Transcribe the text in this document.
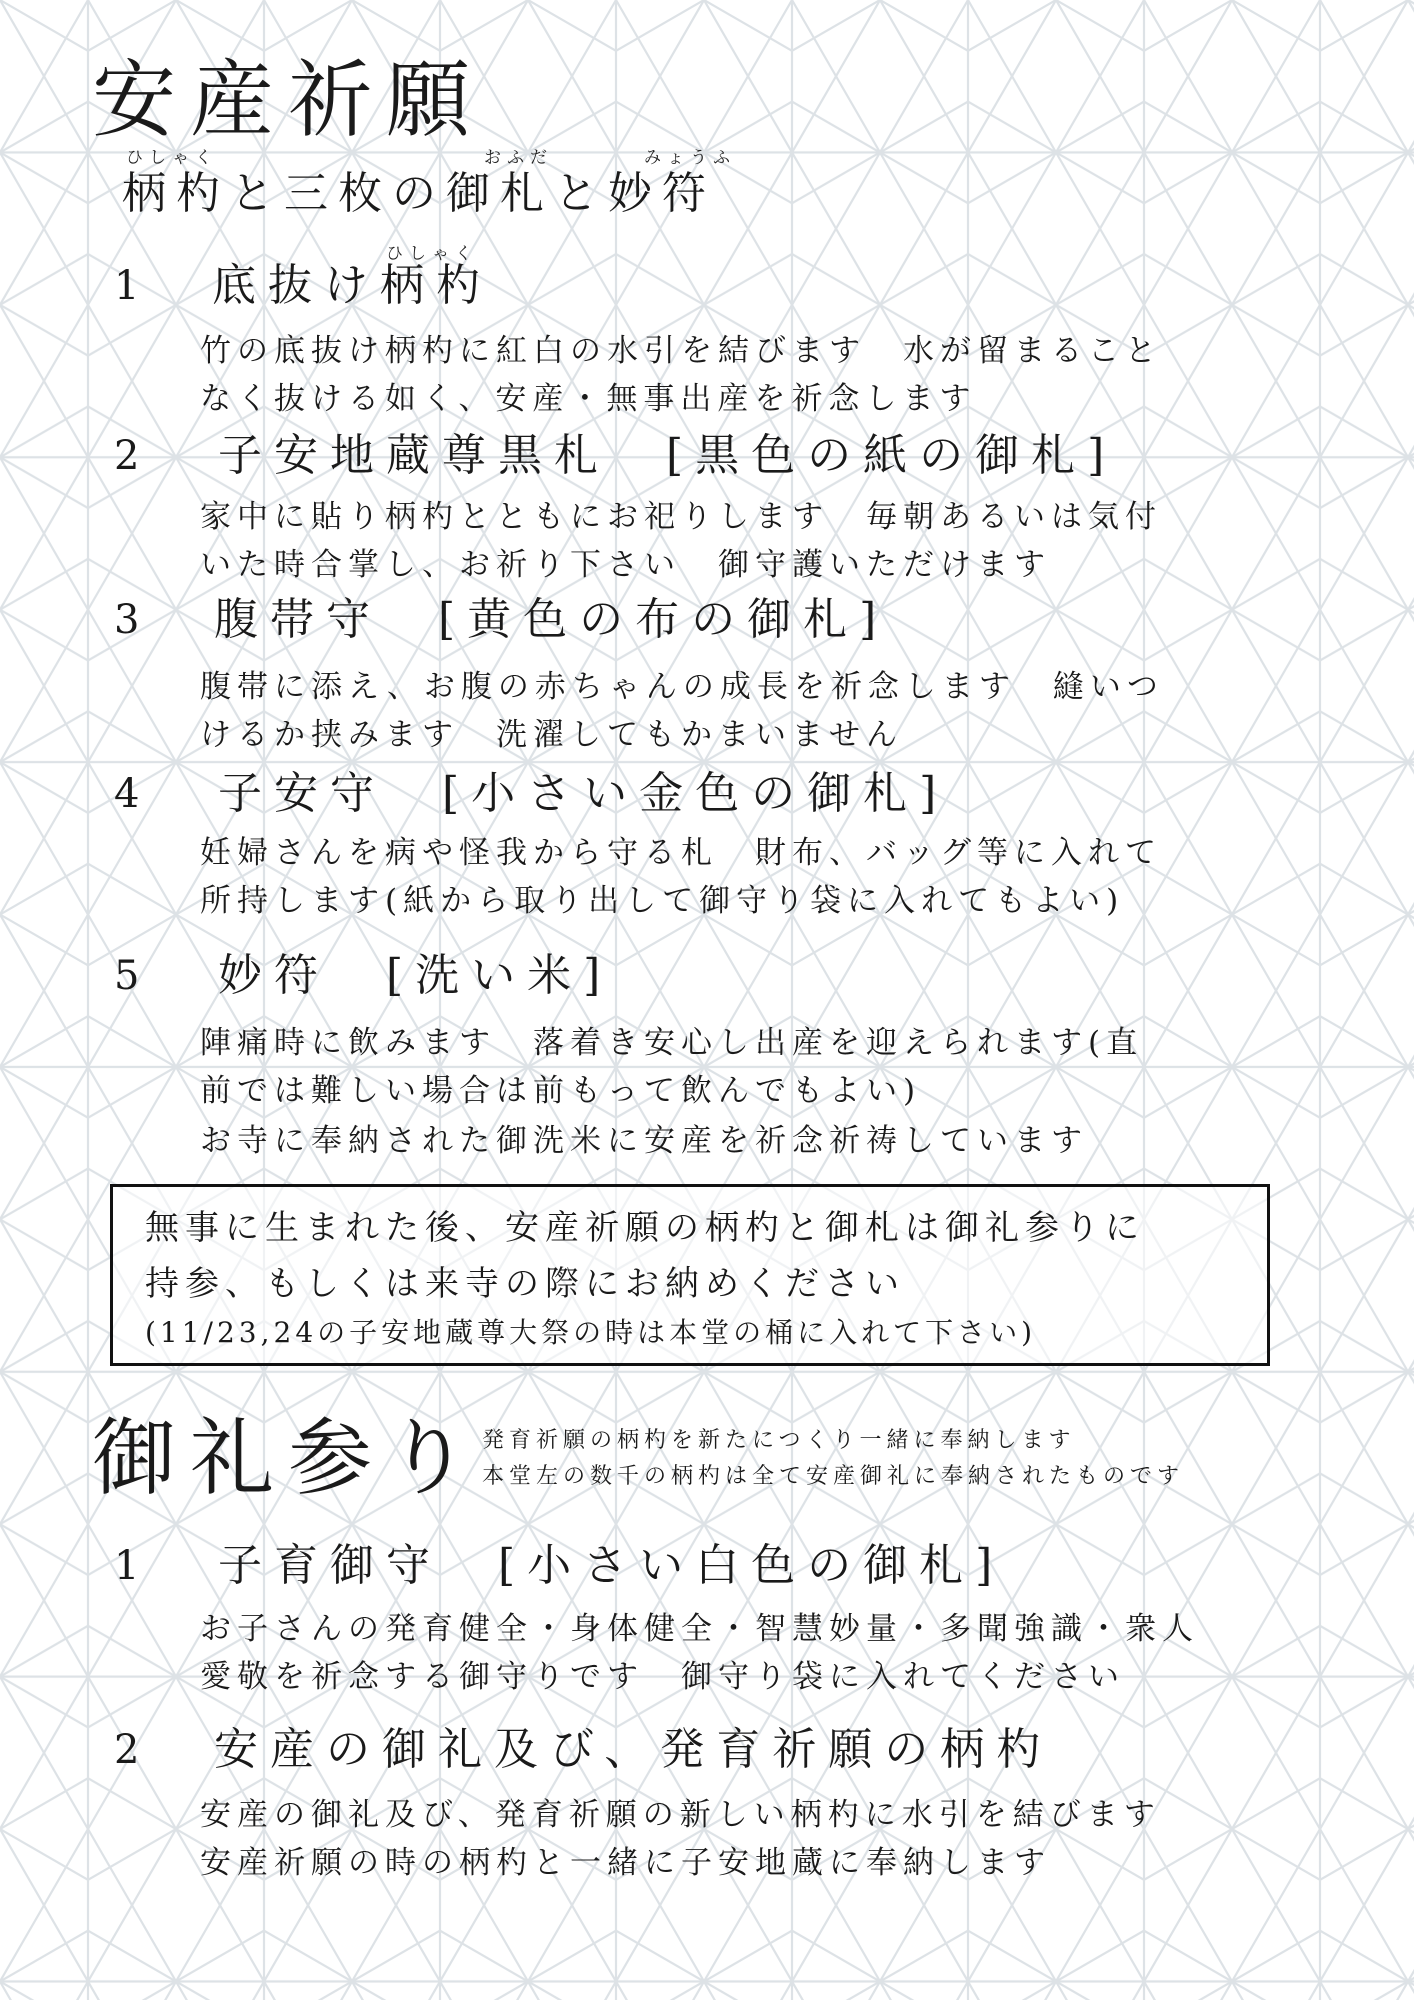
安産祈願
ひしゃく	おふだ	みょうふ
柄杓と三枚の御札と妙符
1
ひしゃく
底抜け柄杓
竹の底抜け柄杓に紅白の水引を結びます　水が留まること
なく抜ける如く、安産・無事出産を祈念します
2 子安地蔵尊黒札　[黒色の紙の御札]
家中に貼り柄杓とともにお祀りします　毎朝あるいは気付
いた時合掌し、お祈り下さい　御守護いただけます
3 腹帯守　[黄色の布の御札]
腹帯に添え、お腹の赤ちゃんの成長を祈念します　縫いつ
けるか挟みます　洗濯してもかまいません
4 子安守　[小さい金色の御札]
妊婦さんを病や怪我から守る札　財布、バッグ等に入れて
所持します(紙から取り出して御守り袋に入れてもよい)
5 妙符　[洗い米]
陣痛時に飲みます　落着き安心し出産を迎えられます(直
前では難しい場合は前もって飲んでもよい)
お寺に奉納された御洗米に安産を祈念祈祷しています
無事に生まれた後、安産祈願の柄杓と御札は御礼参りに
持参、もしくは来寺の際にお納めください
(11/23,24の子安地蔵尊大祭の時は本堂の桶に入れて下さい)
御礼参り
発育祈願の柄杓を新たにつくり一緒に奉納します
本堂左の数千の柄杓は全て安産御礼に奉納されたものです
1 子育御守　[小さい白色の御札]
お子さんの発育健全・身体健全・智慧妙量・多聞強識・衆人
愛敬を祈念する御守りです　御守り袋に入れてください
2 安産の御礼及び、発育祈願の柄杓
安産の御礼及び、発育祈願の新しい柄杓に水引を結びます
安産祈願の時の柄杓と一緒に子安地蔵に奉納します
